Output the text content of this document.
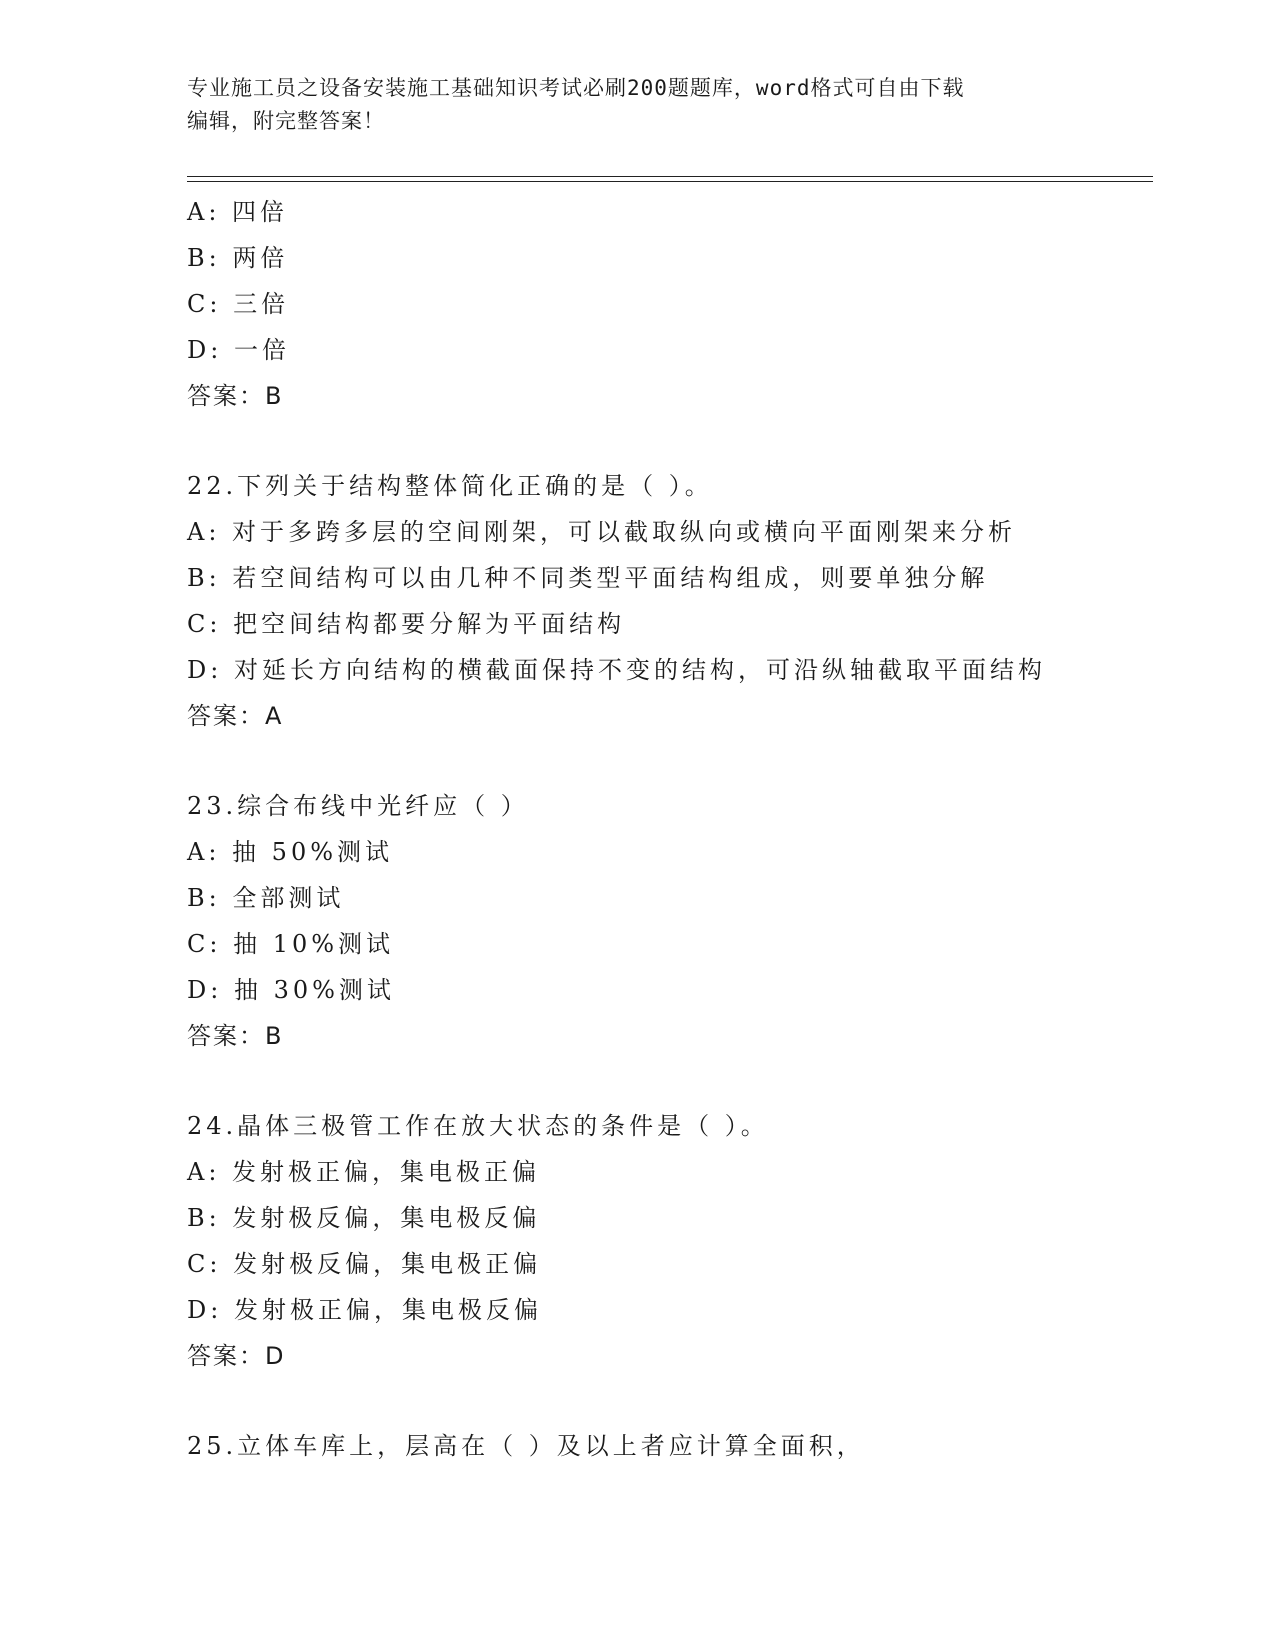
专业施工员之设备安装施工基础知识考试必刷200题题库，word格式可自由下载
编辑，附完整答案！
A: 四倍
B: 两倍
C: 三倍
D: 一倍
答案：B
22.下列关于结构整体简化正确的是（ ）。
A: 对于多跨多层的空间刚架，可以截取纵向或横向平面刚架来分析
B: 若空间结构可以由几种不同类型平面结构组成，则要单独分解
C: 把空间结构都要分解为平面结构
D: 对延长方向结构的横截面保持不变的结构，可沿纵轴截取平面结构
答案：A
23.综合布线中光纤应（ ）
A: 抽 50%测试
B: 全部测试
C: 抽 10%测试
D: 抽 30%测试
答案：B
24.晶体三极管工作在放大状态的条件是（ ）。
A: 发射极正偏，集电极正偏
B: 发射极反偏，集电极反偏
C: 发射极反偏，集电极正偏
D: 发射极正偏，集电极反偏
答案：D
25.立体车库上，层高在（ ）及以上者应计算全面积，
